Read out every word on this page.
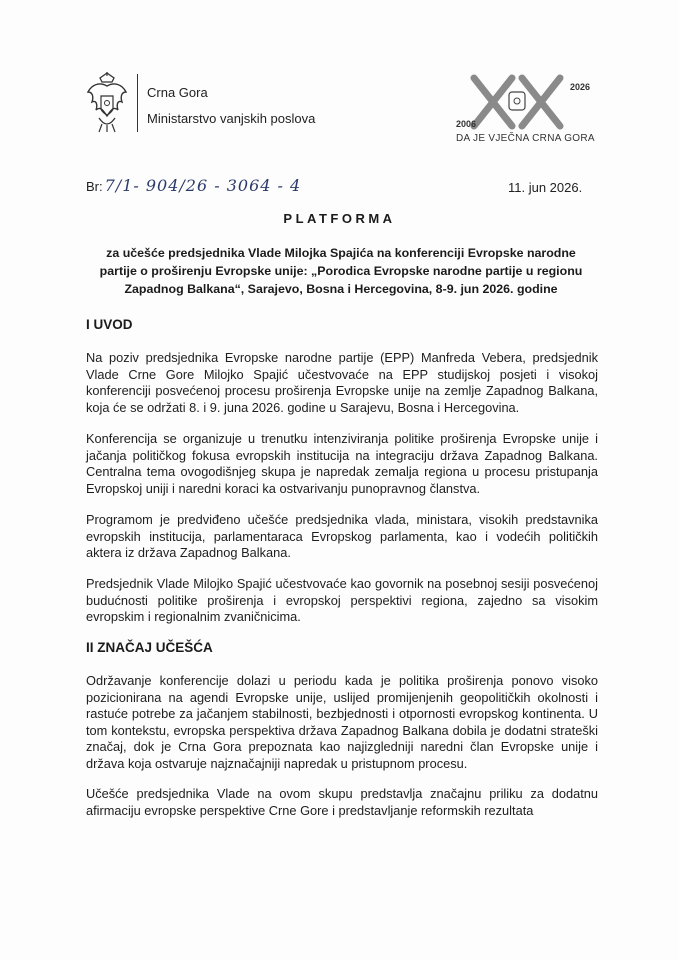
Crna Gora
Ministarstvo vanjskih poslova	2006
2026
DA JE VJEČNA CRNA GORA
Br: 7/1- 904/26 - 3064 - 4	11. jun 2026.
PLATFORMA
za učešće predsjednika Vlade Milojka Spajića na konferenciji Evropske narodne partije o proširenju Evropske unije: „Porodica Evropske narodne partije u regionu Zapadnog Balkana“, Sarajevo, Bosna i Hercegovina, 8-9. jun 2026. godine
I UVOD

Na poziv predsjednika Evropske narodne partije (EPP) Manfreda Vebera, predsjednik Vlade Crne Gore Milojko Spajić učestvovaće na EPP studijskoj posjeti i visokoj konferenciji posvećenoj procesu proširenja Evropske unije na zemlje Zapadnog Balkana, koja će se održati 8. i 9. juna 2026. godine u Sarajevu, Bosna i Hercegovina.

Konferencija se organizuje u trenutku intenziviranja politike proširenja Evropske unije i jačanja političkog fokusa evropskih institucija na integraciju država Zapadnog Balkana. Centralna tema ovogodišnjeg skupa je napredak zemalja regiona u procesu pristupanja Evropskoj uniji i naredni koraci ka ostvarivanju punopravnog članstva.

Programom je predviđeno učešće predsjednika vlada, ministara, visokih predstavnika evropskih institucija, parlamentaraca Evropskog parlamenta, kao i vodećih političkih aktera iz država Zapadnog Balkana.

Predsjednik Vlade Milojko Spajić učestvovaće kao govornik na posebnoj sesiji posvećenoj budućnosti politike proširenja i evropskoj perspektivi regiona, zajedno sa visokim evropskim i regionalnim zvaničnicima.

II ZNAČAJ UČEŠĆA

Održavanje konferencije dolazi u periodu kada je politika proširenja ponovo visoko pozicionirana na agendi Evropske unije, uslijed promijenjenih geopolitičkih okolnosti i rastuće potrebe za jačanjem stabilnosti, bezbjednosti i otpornosti evropskog kontinenta. U tom kontekstu, evropska perspektiva država Zapadnog Balkana dobila je dodatni strateški značaj, dok je Crna Gora prepoznata kao najizgledniji naredni član Evropske unije i država koja ostvaruje najznačajniji napredak u pristupnom procesu.

Učešće predsjednika Vlade na ovom skupu predstavlja značajnu priliku za dodatnu afirmaciju evropske perspektive Crne Gore i predstavljanje reformskih rezultata
